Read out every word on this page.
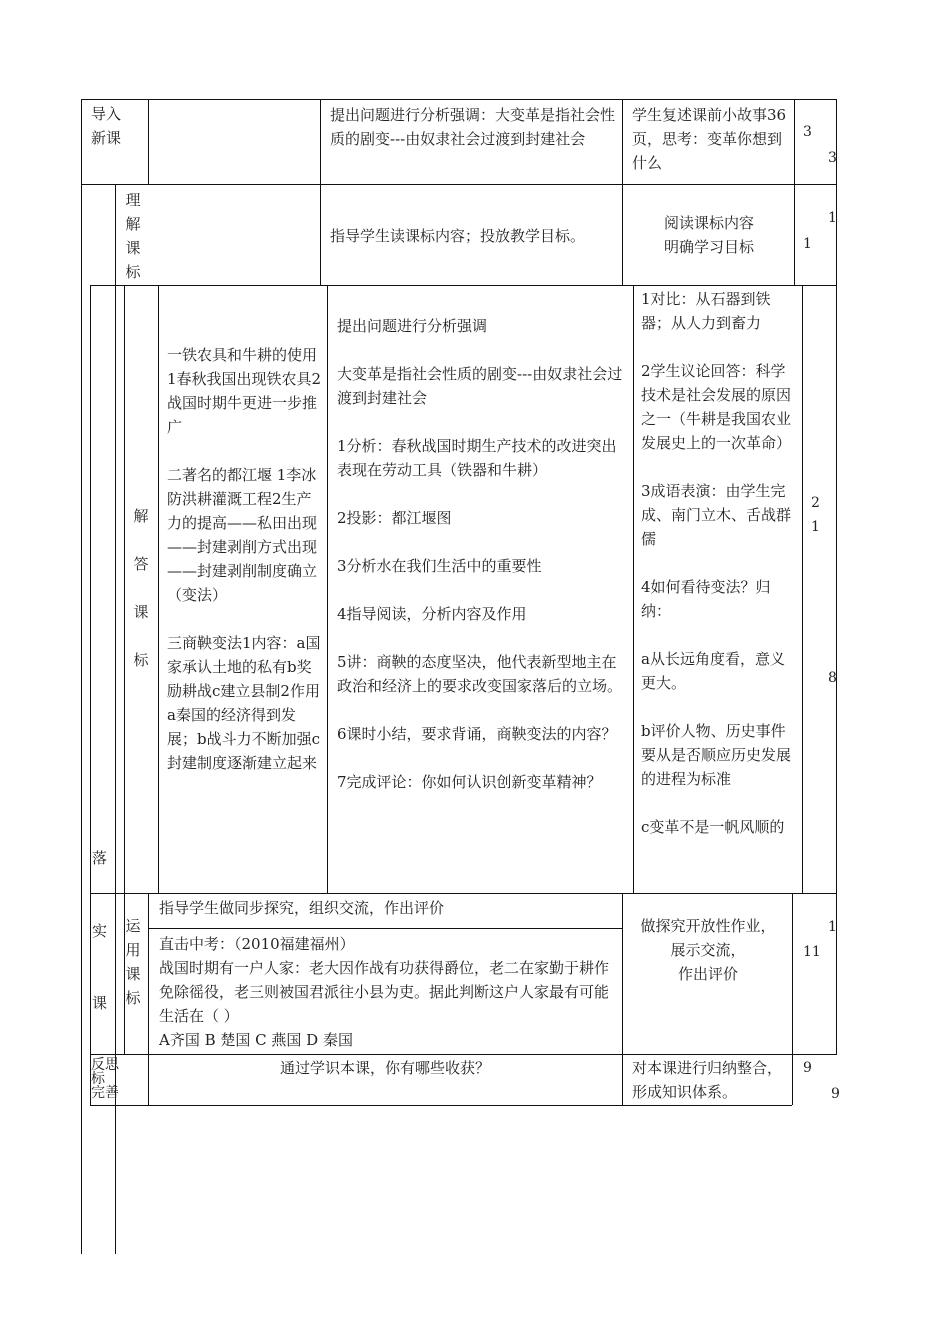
导入
新课
提出问题进行分析强调：大变革是指社会性质的剧变---由奴隶社会过渡到封建社会
学生复述课前小故事36页，思考：变革你想到什么
3
3
理
解
课
标
指导学生读课标内容；投放教学目标。
阅读课标内容
明确学习目标
1
1
落
解

答

课

标
一铁农具和牛耕的使用1春秋我国出现铁农具2战国时期牛更进一步推广

二著名的都江堰 1李冰 防洪耕灌溉工程2生产力的提高——私田出现——封建剥削方式出现——封建剥削制度确立（变法）

三商鞅变法1内容：a国家承认土地的私有b奖励耕战c建立县制2作用a秦国的经济得到发展；b战斗力不断加强c封建制度逐渐建立起来
提出问题进行分析强调

大变革是指社会性质的剧变---由奴隶社会过渡到封建社会

1分析：春秋战国时期生产技术的改进突出表现在劳动工具（铁器和牛耕）

2投影：都江堰图

3分析水在我们生活中的重要性

4指导阅读，分析内容及作用

5讲：商鞅的态度坚决，他代表新型地主在政治和经济上的要求改变国家落后的立场。

6课时小结，要求背诵，商鞅变法的内容？

7完成评论：你如何认识创新变革精神？
1对比：从石器到铁器；从人力到畜力

2学生议论回答：科学技术是社会发展的原因之一（牛耕是我国农业发展史上的一次革命）

3成语表演：由学生完成、南门立木、舌战群儒

4如何看待变法？归纳：

a从长远角度看，意义更大。

b评价人物、历史事件要从是否顺应历史发展的进程为标准

c变革不是一帆风顺的
2
1
8
实

课
运
用
课
标
指导学生做同步探究，组织交流，作出评价
直击中考：（2010福建福州）
战国时期有一户人家：老大因作战有功获得爵位，老二在家勤于耕作免除徭役，老三则被国君派往小县为吏。据此判断这户人家最有可能生活在（ ）
A齐国 B 楚国 C 燕国 D 秦国
做探究开放性作业，
展示交流，
作出评价
1
11
反思
标
完善
通过学识本课，你有哪些收获？	对本课进行归纳整合，形成知识体系。
9
9
